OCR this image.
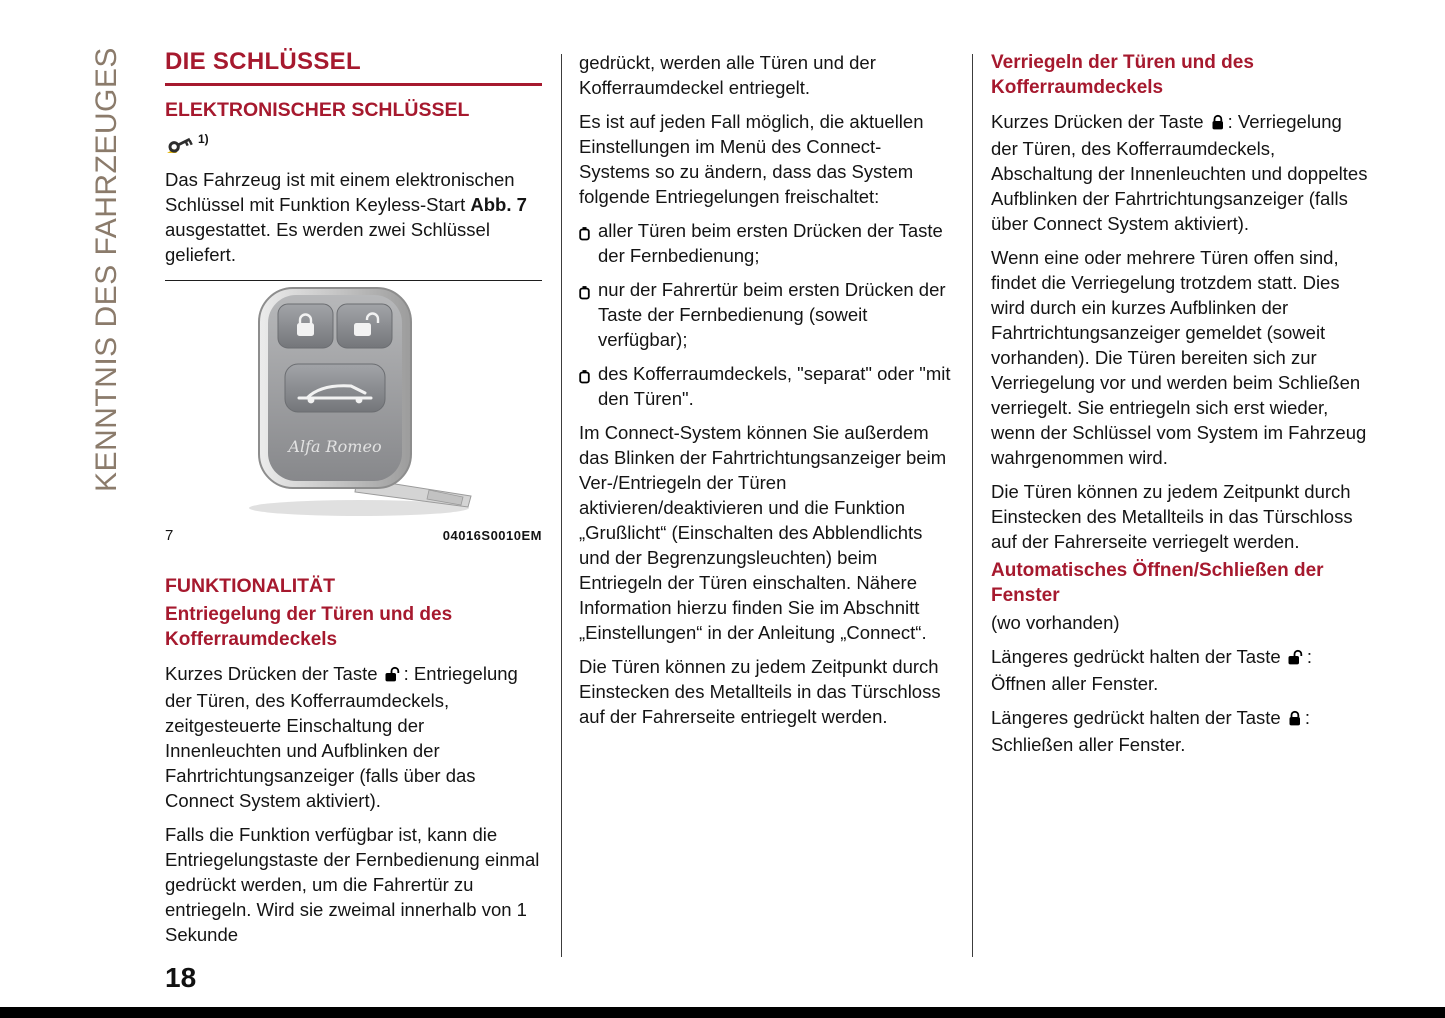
KENNTNIS DES FAHRZEUGES DIE SCHLÜSSEL
ELEKTRONISCHER SCHLÜSSEL
$^{1)}$

Das Fahrzeug ist mit einem elektronischen Schlüssel mit Funktion Keyless-Start Abb. 7 ausgestattet. Es werden zwei Schlüssel geliefert.

Alfa Romeo
7	04016S0010EM
FUNKTIONALITÄT
Entriegelung der Türen und des Kofferraumdeckels

Kurzes Drücken der Taste : Entriegelung der Türen, des Kofferraumdeckels, zeitgesteuerte Einschaltung der Innenleuchten und Aufblinken der Fahrtrichtungsanzeiger (falls über das Connect System aktiviert).

Falls die Funktion verfügbar ist, kann die Entriegelungstaste der Fernbedienung einmal gedrückt werden, um die Fahrertür zu entriegeln. Wird sie zweimal innerhalb von 1 Sekunde

gedrückt, werden alle Türen und der Kofferraumdeckel entriegelt.

Es ist auf jeden Fall möglich, die aktuellen Einstellungen im Menü des Connect-Systems so zu ändern, dass das System folgende Entriegelungen freischaltet:

aller Türen beim ersten Drücken der Taste der Fernbedienung;
nur der Fahrertür beim ersten Drücken der Taste der Fernbedienung (soweit verfügbar);
des Kofferraumdeckels, "separat" oder "mit den Türen".

Im Connect-System können Sie außerdem das Blinken der Fahrtrichtungsanzeiger beim Ver-/Entriegeln der Türen aktivieren/deaktivieren und die Funktion „Grußlicht“ (Einschalten des Abblendlichts und der Begrenzungsleuchten) beim Entriegeln der Türen einschalten. Nähere Information hierzu finden Sie im Abschnitt „Einstellungen“ in der Anleitung „Connect“.

Die Türen können zu jedem Zeitpunkt durch Einstecken des Metallteils in das Türschloss auf der Fahrerseite entriegelt werden.

Verriegeln der Türen und des Kofferraumdeckels

Kurzes Drücken der Taste : Verriegelung der Türen, des Kofferraumdeckels, Abschaltung der Innenleuchten und doppeltes Aufblinken der Fahrtrichtungsanzeiger (falls über Connect System aktiviert).

Wenn eine oder mehrere Türen offen sind, findet die Verriegelung trotzdem statt. Dies wird durch ein kurzes Aufblinken der Fahrtrichtungsanzeiger gemeldet (soweit vorhanden). Die Türen bereiten sich zur Verriegelung vor und werden beim Schließen verriegelt. Sie entriegeln sich erst wieder, wenn der Schlüssel vom System im Fahrzeug wahrgenommen wird.

Die Türen können zu jedem Zeitpunkt durch Einstecken des Metallteils in das Türschloss auf der Fahrerseite verriegelt werden.

Automatisches Öffnen/Schließen der Fenster

(wo vorhanden)

Längeres gedrückt halten der Taste : Öffnen aller Fenster.

Längeres gedrückt halten der Taste : Schließen aller Fenster.

18
